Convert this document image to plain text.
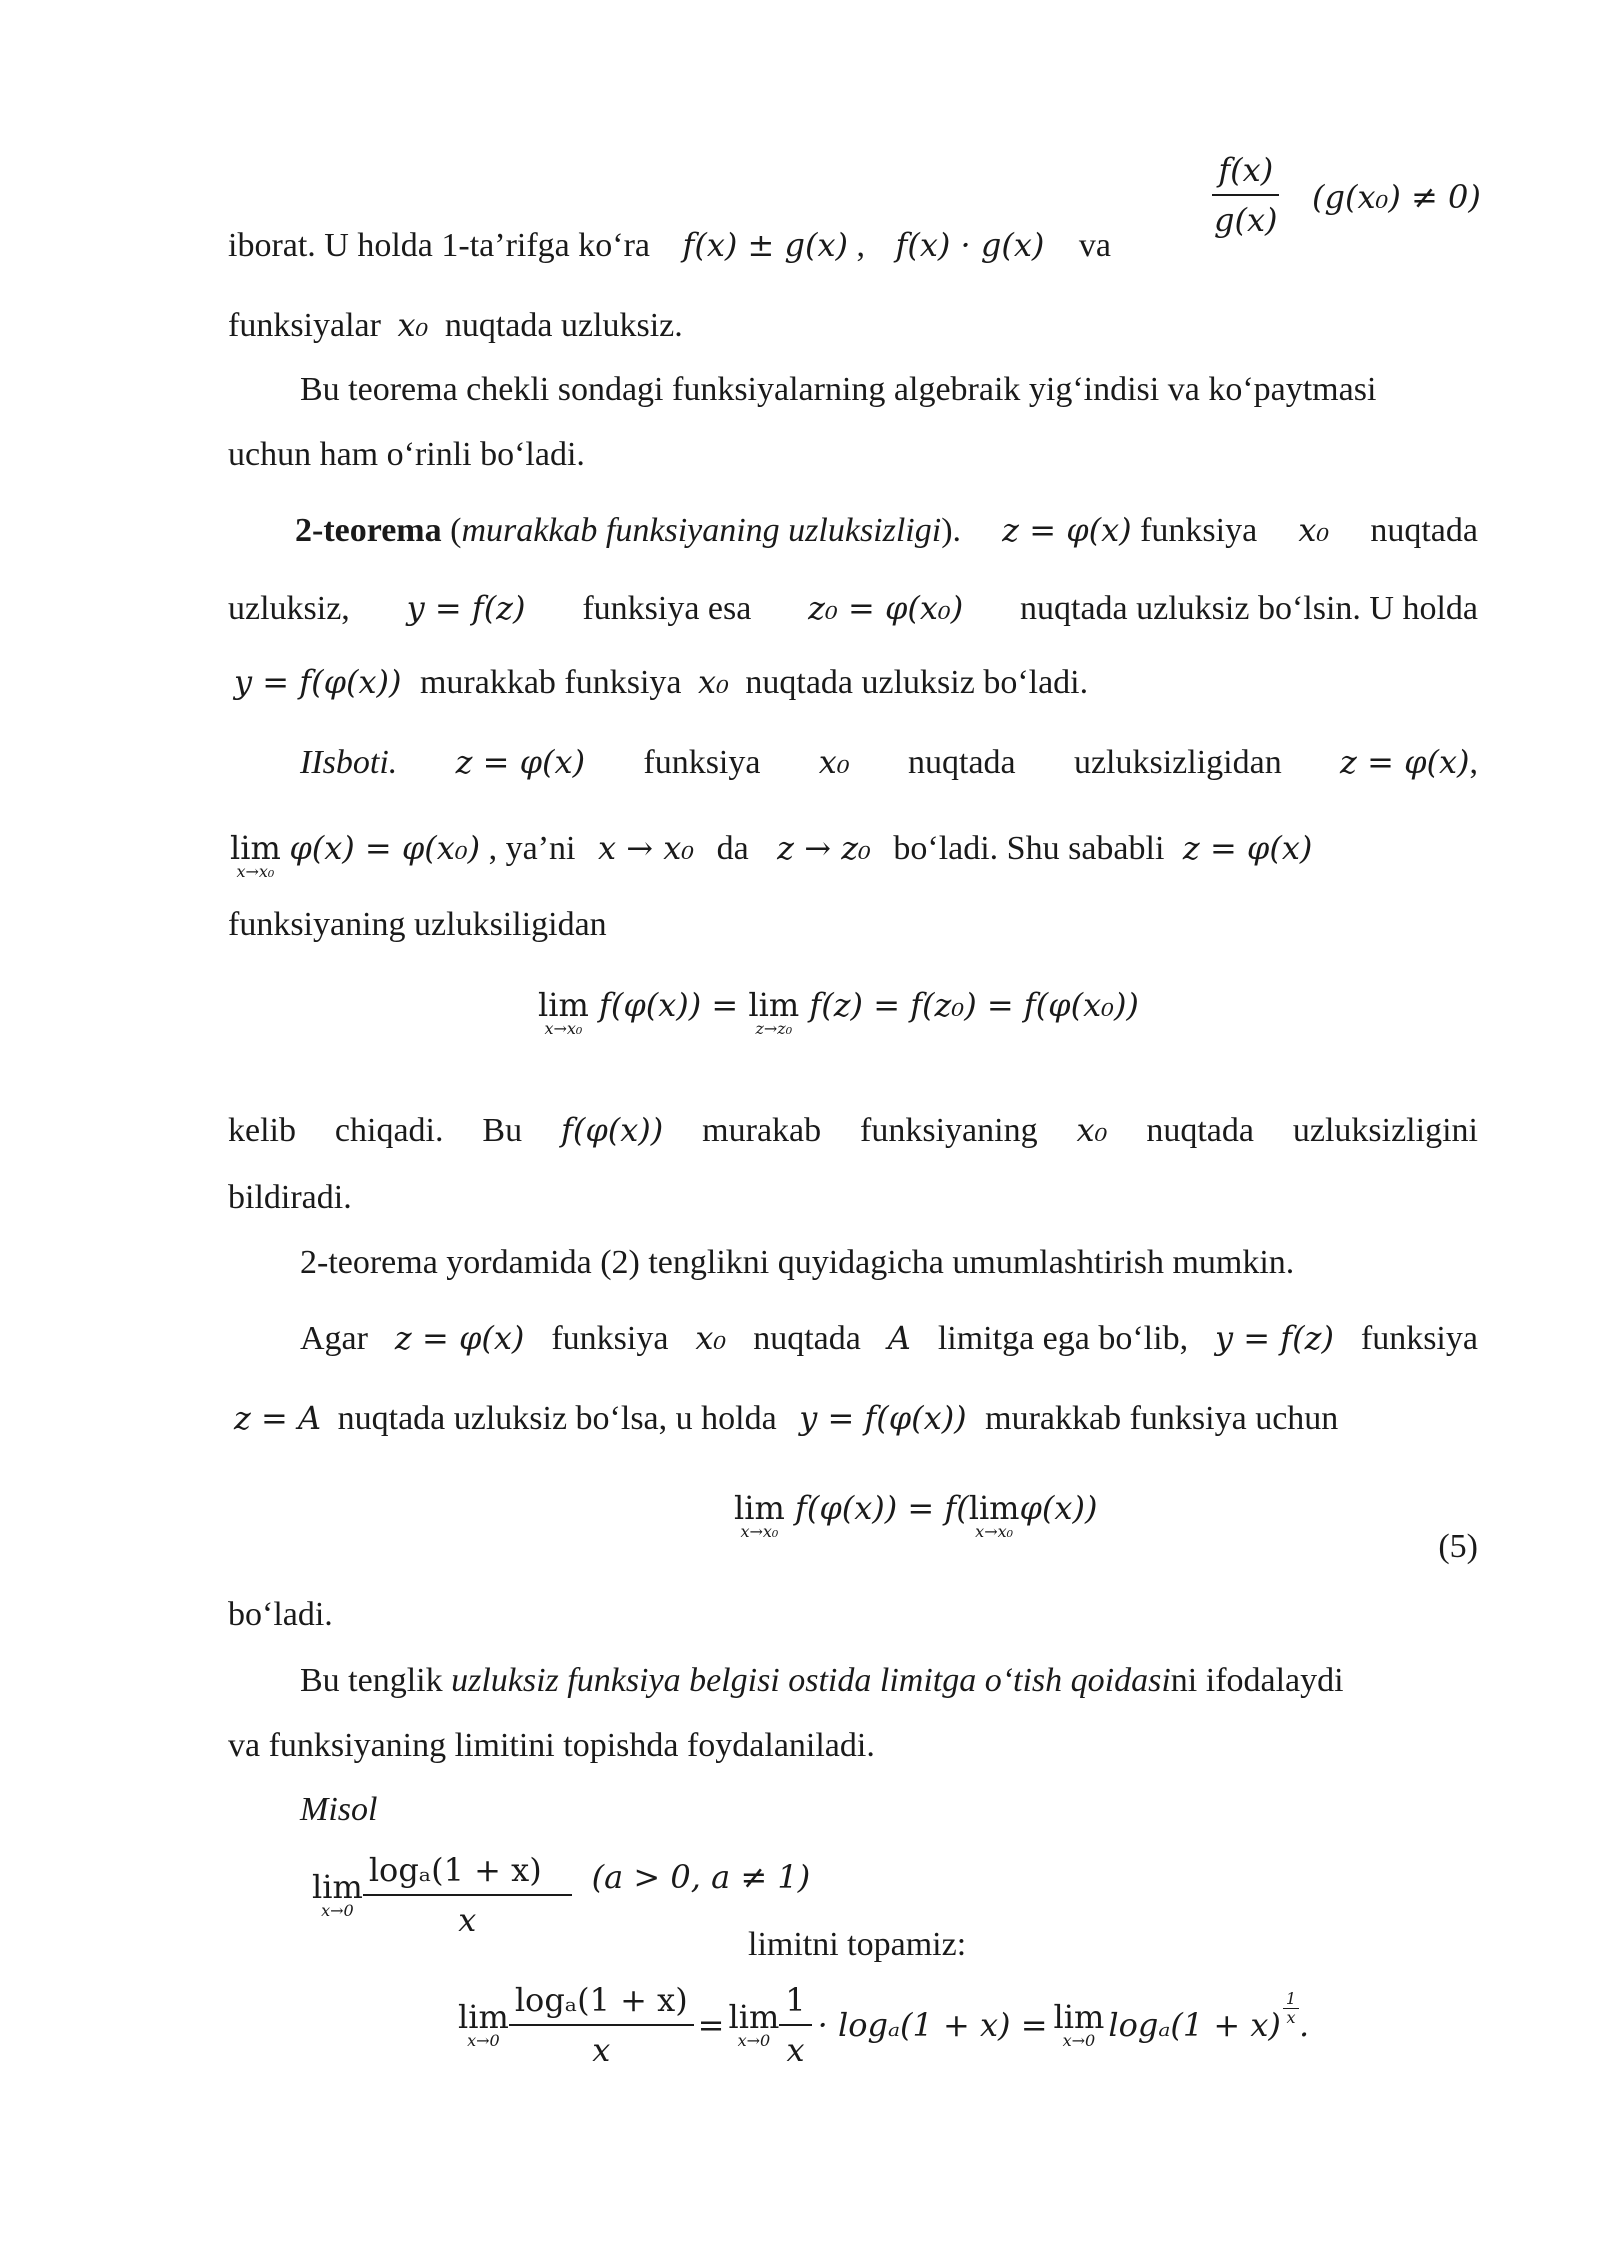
$\frac{f(x)}{g(x)} (g(x_0) \ne 0)$
iborat. U holda 1-ta’rifga ko‘ra f(x) ± g(x) , f(x) · g(x) va
funksiyalar x₀ nuqtada uzluksiz.
Bu teorema chekli sondagi funksiyalarning algebraik yig‘indisi va ko‘paytmasi
uchun ham o‘rinli bo‘ladi.
2-teorema (murakkab funksiyaning uzluksizligi). z = φ(x) funksiya x₀ nuqtada
uzluksiz, y = f(z) funksiya esa z₀ = φ(x₀) nuqtada uzluksiz bo‘lsin. U holda
y = f(φ(x)) murakkab funksiya x₀ nuqtada uzluksiz bo‘ladi.
IIsboti. z = φ(x) funksiya x₀ nuqtada uzluksizligidan z = φ(x),
lim
x→x₀
φ(x) = φ(x₀) , ya’ni x → x₀ da z → z₀ bo‘ladi. Shu sababli z = φ(x)
funksiyaning uzluksiligidan
lim
x→x₀
f(φ(x)) = lim
z→z₀
f(z) = f(z₀) = f(φ(x₀))
kelib chiqadi. Bu f(φ(x)) murakab funksiyaning x₀ nuqtada uzluksizligini
bildiradi.
2-teorema yordamida (2) tenglikni quyidagicha umumlashtirish mumkin.
Agar z = φ(x) funksiya x₀ nuqtada A limitga ega bo‘lib, y = f(z) funksiya
z = A nuqtada uzluksiz bo‘lsa, u holda y = f(φ(x)) murakkab funksiya uchun
lim
x→x₀
f(φ(x)) = f( lim
x→x₀
φ(x))
(5)
bo‘ladi.
Bu tenglik uzluksiz funksiya belgisi ostida limitga o‘tish qoidasini ifodalaydi
va funksiyaning limitini topishda foydalaniladi.
Misol
lim
$x\to 0 \frac{\text{logₐ(1 + x)}}{x} (a > 0$, a ≠ 1)
limitni topamiz:
lim
$x\to 0 \frac{\text{logₐ(1 + x)}}{x} = \lim$
$x\to 0 \frac{1}{x} \cdot \log_a(1 + x) = \lim$
x→0 $\log_a(1 + x) \frac{1}{x}$ .
